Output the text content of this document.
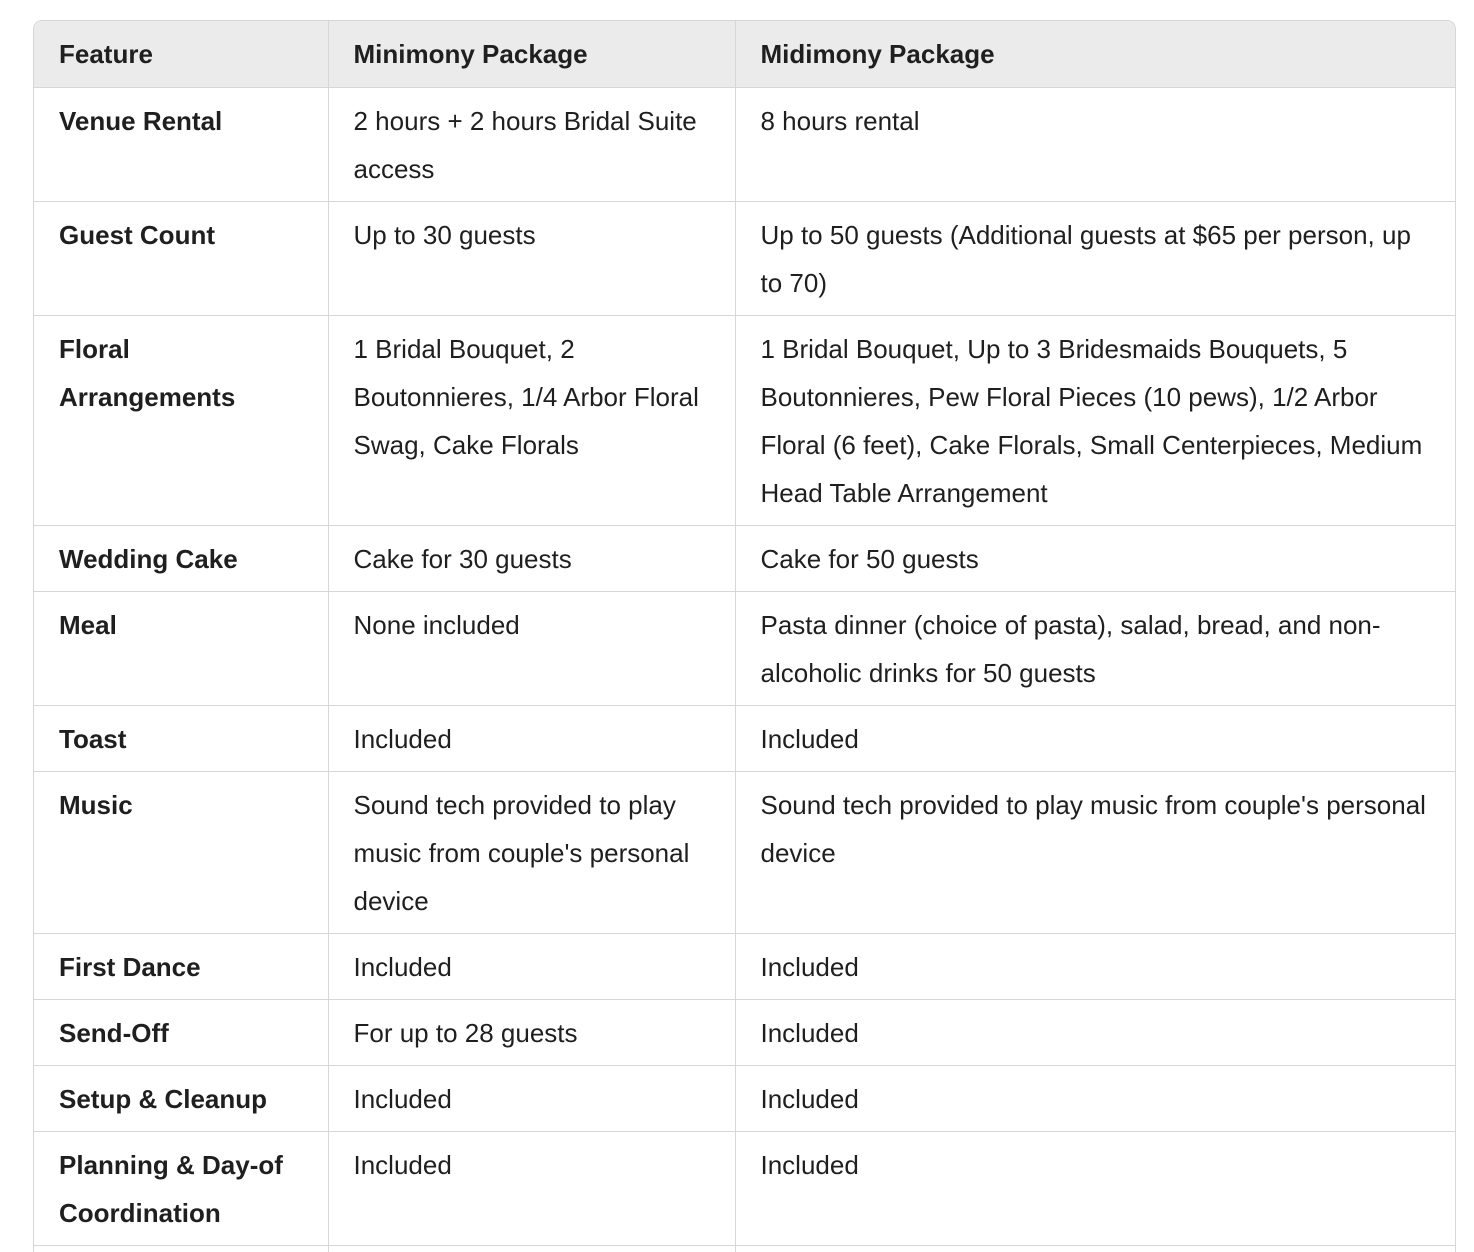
Feature	Minimony Package	Midimony Package
Venue Rental	2 hours + 2 hours Bridal Suite access	8 hours rental
Guest Count	Up to 30 guests	Up to 50 guests (Additional guests at $65 per person, up to 70)
Floral Arrangements	1 Bridal Bouquet, 2 Boutonnieres, 1/4 Arbor Floral Swag, Cake Florals	1 Bridal Bouquet, Up to 3 Bridesmaids Bouquets, 5 Boutonnieres, Pew Floral Pieces (10 pews), 1/2 Arbor Floral (6 feet), Cake Florals, Small Centerpieces, Medium Head Table Arrangement
Wedding Cake	Cake for 30 guests	Cake for 50 guests
Meal	None included	Pasta dinner (choice of pasta), salad, bread, and non-alcoholic drinks for 50 guests
Toast	Included	Included
Music	Sound tech provided to play music from couple's personal device	Sound tech provided to play music from couple's personal device
First Dance	Included	Included
Send-Off	For up to 28 guests	Included
Setup & Cleanup	Included	Included
Planning & Day-of Coordination	Included	Included
